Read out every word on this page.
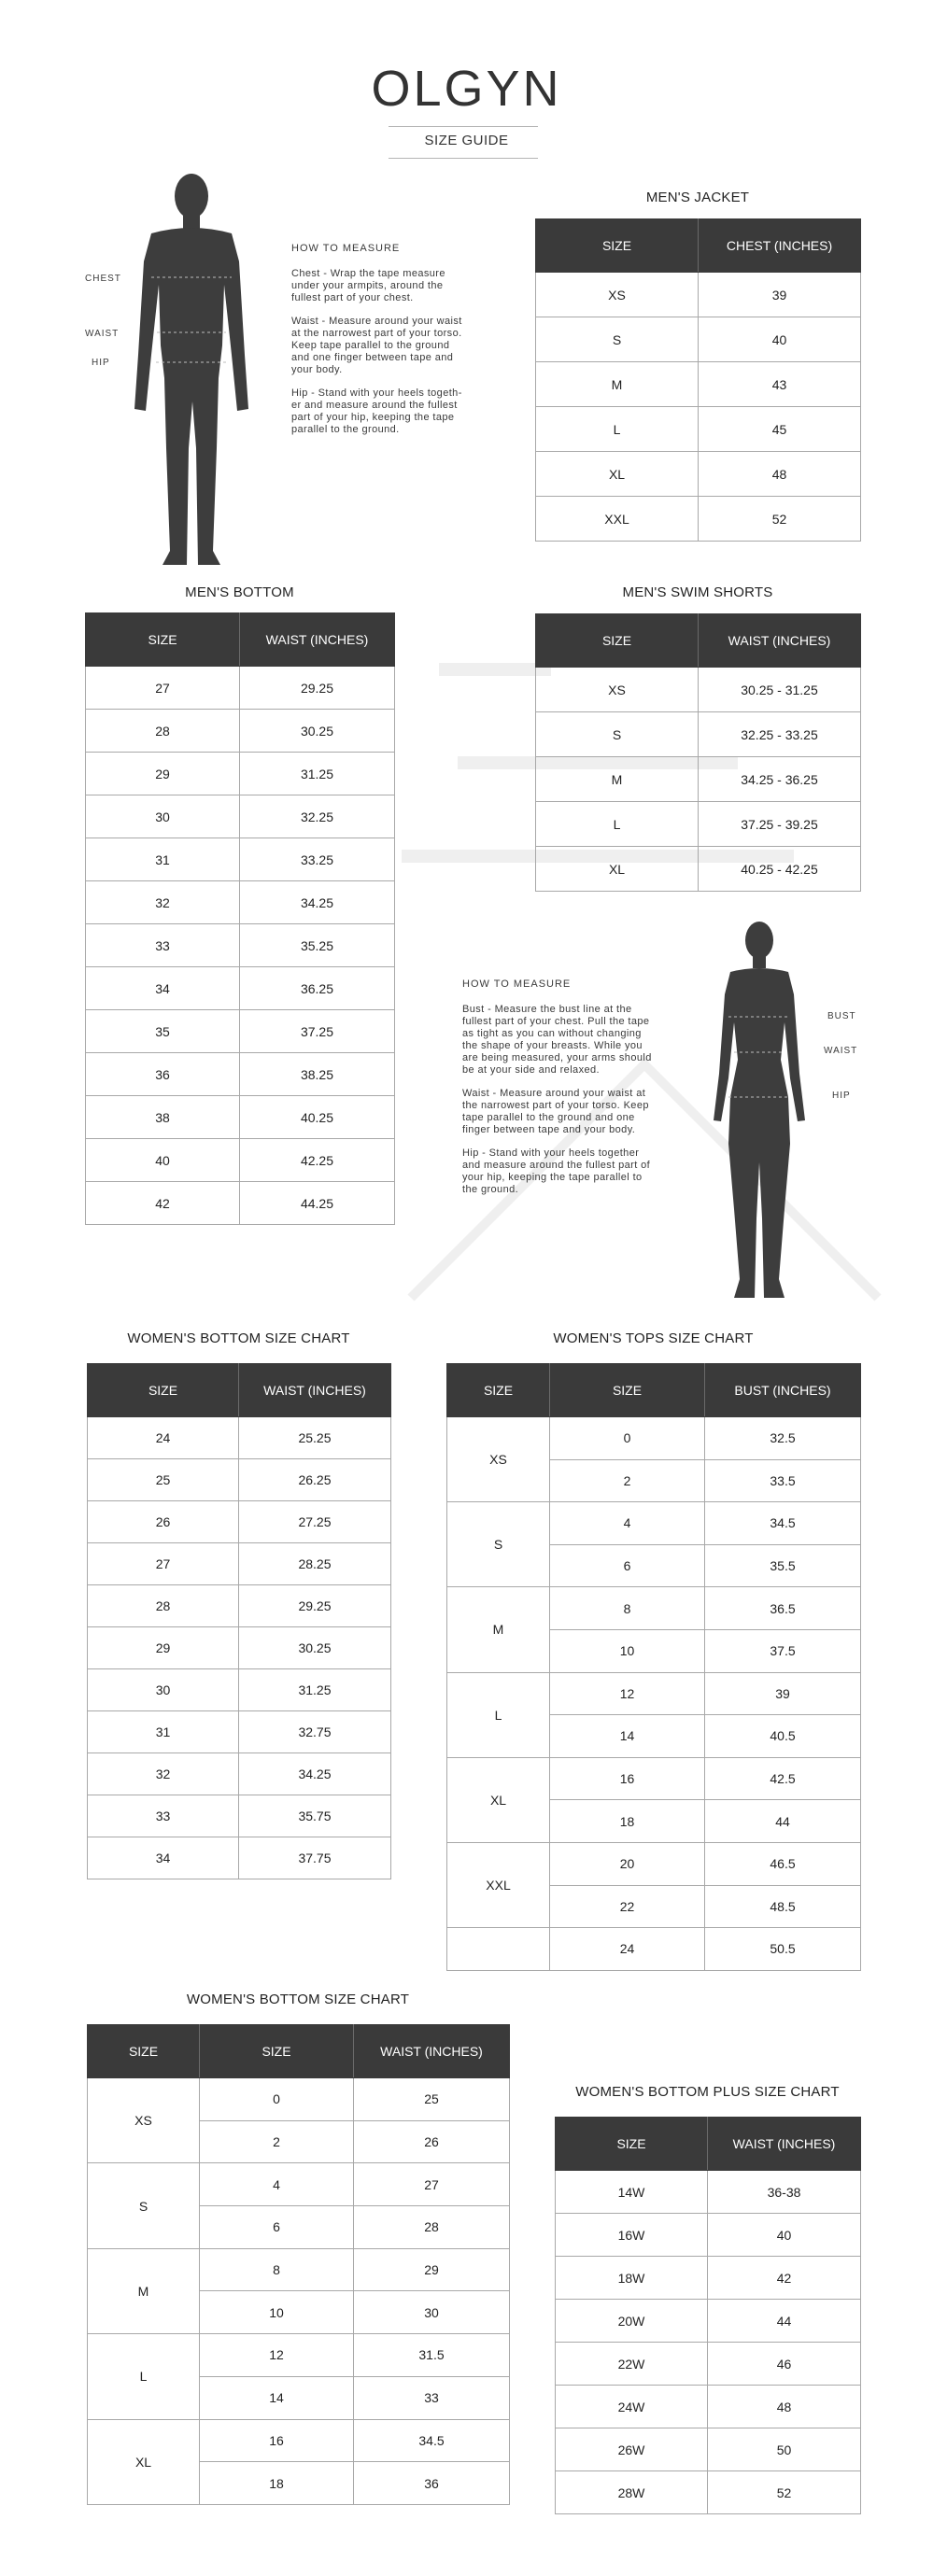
OLGYN
SIZE GUIDE
CHEST
WAIST
HIP
HOW TO MEASURE

Chest - Wrap the tape measure
under your armpits, around the
fullest part of your chest.

Waist - Measure around your waist
at the narrowest part of your torso.
Keep tape parallel to the ground
and one finger between tape and
your body.

Hip - Stand with your heels togeth-
er and measure around the fullest
part of your hip, keeping the tape
parallel to the ground.

MEN'S JACKET
SIZE	CHEST (INCHES)
XS	39
S	40
M	43
L	45
XL	48
XXL	52
MEN'S BOTTOM
SIZE	WAIST (INCHES)
27	29.25
28	30.25
29	31.25
30	32.25
31	33.25
32	34.25
33	35.25
34	36.25
35	37.25
36	38.25
38	40.25
40	42.25
42	44.25
MEN'S SWIM SHORTS
SIZE	WAIST (INCHES)
XS	30.25 - 31.25
S	32.25 - 33.25
M	34.25 - 36.25
L	37.25 - 39.25
XL	40.25 - 42.25
BUST
WAIST
HIP
HOW TO MEASURE

Bust - Measure the bust line at the
fullest part of your chest. Pull the tape
as tight as you can without changing
the shape of your breasts. While you
are being measured, your arms should
be at your side and relaxed.

Waist - Measure around your waist at
the narrowest part of your torso. Keep
tape parallel to the ground and one
finger between tape and your body.

Hip - Stand with your heels together
and measure around the fullest part of
your hip, keeping the tape parallel to
the ground.

WOMEN'S BOTTOM SIZE CHART
SIZE	WAIST (INCHES)
24	25.25
25	26.25
26	27.25
27	28.25
28	29.25
29	30.25
30	31.25
31	32.75
32	34.25
33	35.75
34	37.75
WOMEN'S TOPS SIZE CHART
SIZE	SIZE	BUST (INCHES)
XS	0	32.5
	2	33.5
S	4	34.5
	6	35.5
M	8	36.5
	10	37.5
L	12	39
	14	40.5
XL	16	42.5
	18	44
XXL	20	46.5
	22	48.5
	24	50.5
WOMEN'S BOTTOM SIZE CHART
SIZE	SIZE	WAIST (INCHES)
XS	0	25
	2	26
S	4	27
	6	28
M	8	29
	10	30
L	12	31.5
	14	33
XL	16	34.5
	18	36
WOMEN'S BOTTOM PLUS SIZE CHART
SIZE	WAIST (INCHES)
14W	36-38
16W	40
18W	42
20W	44
22W	46
24W	48
26W	50
28W	52
